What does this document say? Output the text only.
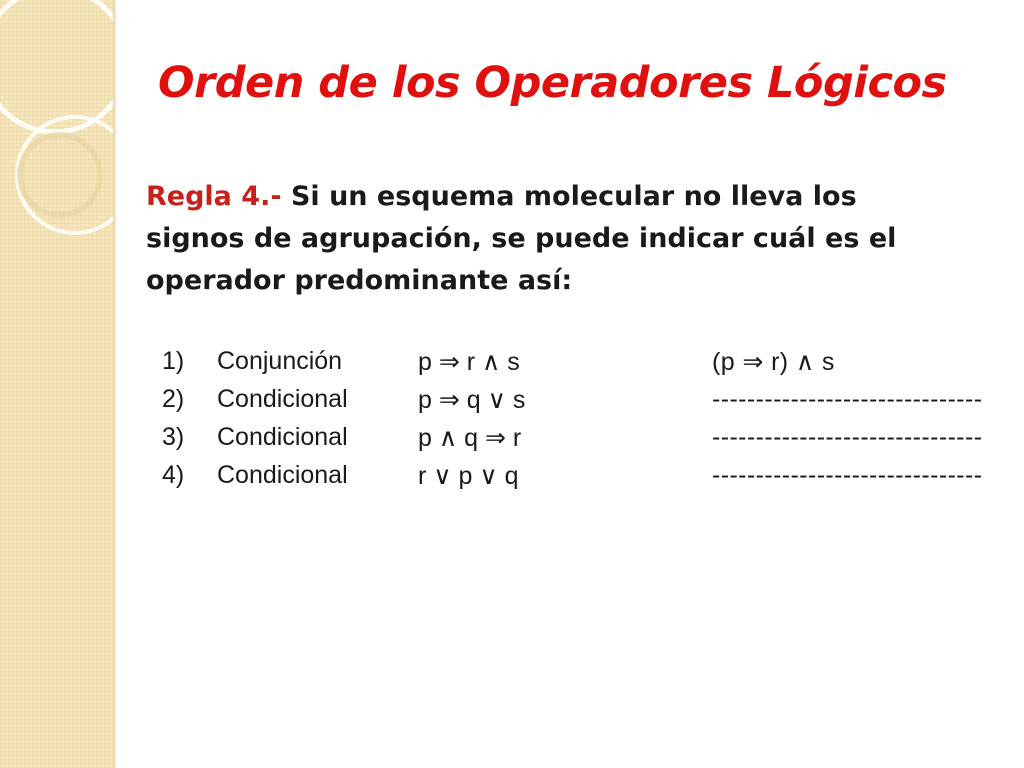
Orden de los Operadores Lógicos

Regla 4.- Si un esquema molecular no lleva los signos de agrupación, se puede indicar cuál es el operador predominante así:

1) Conjunción	p ⇒ r ∧ s	(p ⇒ r) ∧ s
2) Condicional	p ⇒ q ∨ s	-------------------------------
3) Condicional	p ∧ q ⇒ r	-------------------------------
4) Condicional	r ∨ p ∨ q	-------------------------------
